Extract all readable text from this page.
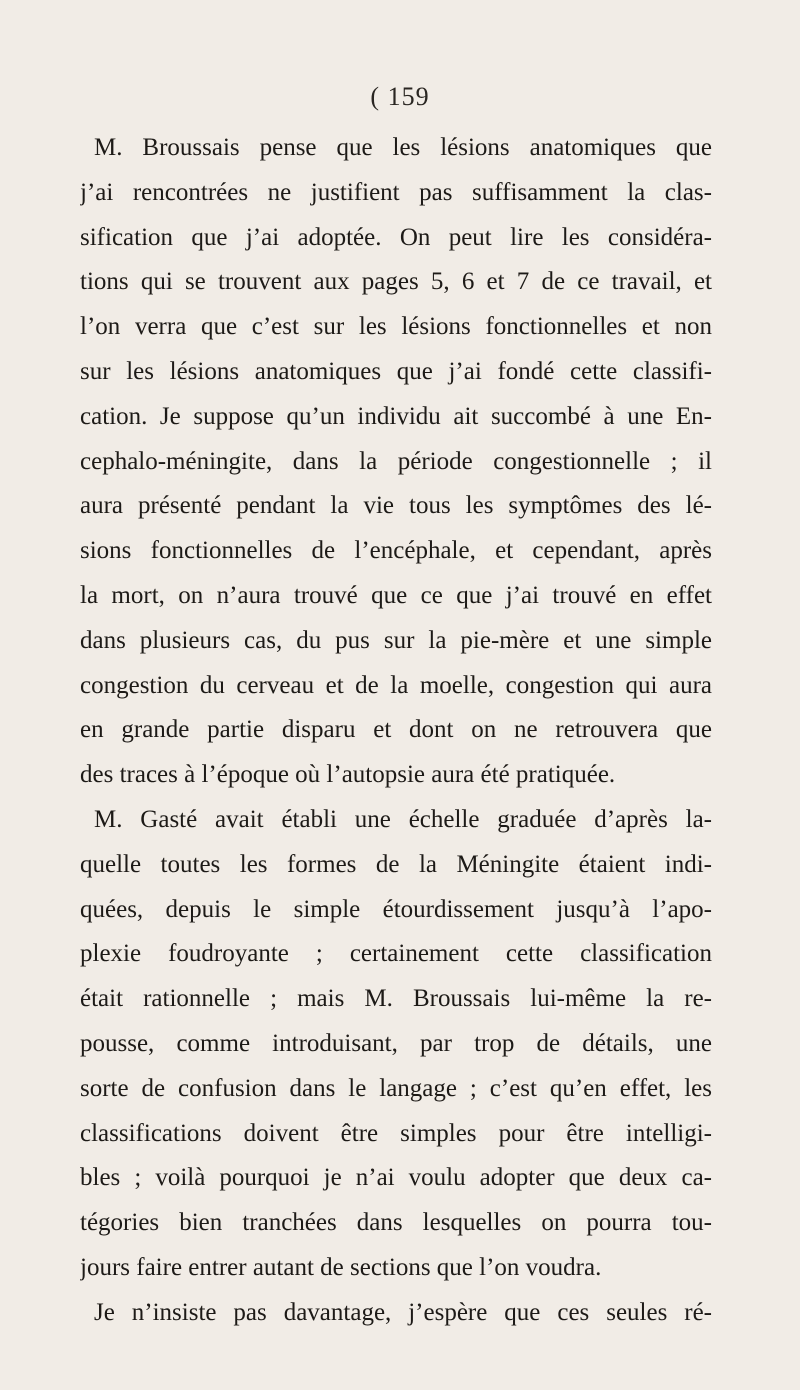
( 159
M. Broussais pense que les lésions anatomiques que
j’ai rencontrées ne justifient pas suffisamment la clas-
sification que j’ai adoptée. On peut lire les considéra-
tions qui se trouvent aux pages 5, 6 et 7 de ce travail, et
l’on verra que c’est sur les lésions fonctionnelles et non
sur les lésions anatomiques que j’ai fondé cette classifi-
cation. Je suppose qu’un individu ait succombé à une En-
cephalo-méningite, dans la période congestionnelle ; il
aura présenté pendant la vie tous les symptômes des lé-
sions fonctionnelles de l’encéphale, et cependant, après
la mort, on n’aura trouvé que ce que j’ai trouvé en effet
dans plusieurs cas, du pus sur la pie-mère et une simple
congestion du cerveau et de la moelle, congestion qui aura
en grande partie disparu et dont on ne retrouvera que
des traces à l’époque où l’autopsie aura été pratiquée.
M. Gasté avait établi une échelle graduée d’après la-
quelle toutes les formes de la Méningite étaient indi-
quées, depuis le simple étourdissement jusqu’à l’apo-
plexie foudroyante ; certainement cette classification
était rationnelle ; mais M. Broussais lui-même la re-
pousse, comme introduisant, par trop de détails, une
sorte de confusion dans le langage ; c’est qu’en effet, les
classifications doivent être simples pour être intelligi-
bles ; voilà pourquoi je n’ai voulu adopter que deux ca-
tégories bien tranchées dans lesquelles on pourra tou-
jours faire entrer autant de sections que l’on voudra.
Je n’insiste pas davantage, j’espère que ces seules ré-
